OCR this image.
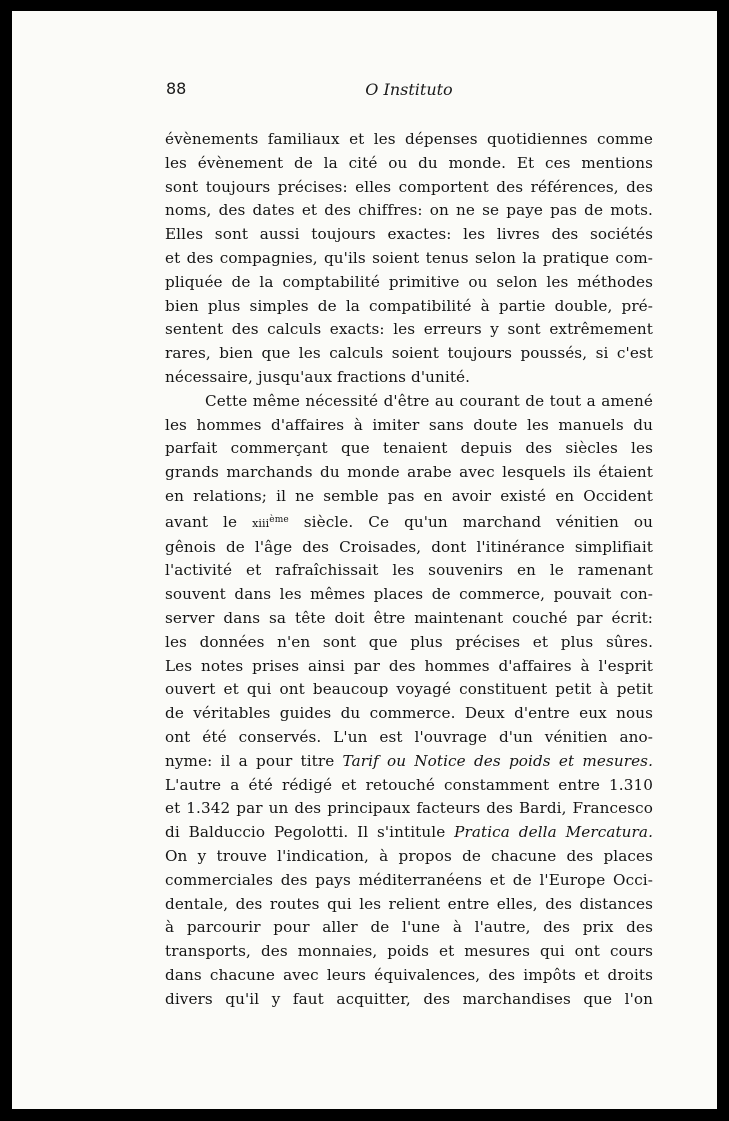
88	O Instituto
évènements familiaux et les dépenses quotidiennes comme
les évènement de la cité ou du monde. Et ces mentions
sont toujours précises: elles comportent des références, des
noms, des dates et des chiffres: on ne se paye pas de mots.
Elles sont aussi toujours exactes: les livres des sociétés
et des compagnies, qu'ils soient tenus selon la pratique com-
pliquée de la comptabilité primitive ou selon les méthodes
bien plus simples de la compatibilité à partie double, pré-
sentent des calculs exacts: les erreurs y sont extrêmement
rares, bien que les calculs soient toujours poussés, si c'est
nécessaire, jusqu'aux fractions d'unité.
Cette même nécessité d'être au courant de tout a amené
les hommes d'affaires à imiter sans doute les manuels du
parfait commerçant que tenaient depuis des siècles les
grands marchands du monde arabe avec lesquels ils étaient
en relations; il ne semble pas en avoir existé en Occident
avant le xiii$^{ème}$ siècle. Ce qu'un marchand vénitien ou
gênois de l'âge des Croisades, dont l'itinérance simplifiait
l'activité et rafraîchissait les souvenirs en le ramenant
souvent dans les mêmes places de commerce, pouvait con-
server dans sa tête doit être maintenant couché par écrit:
les données n'en sont que plus précises et plus sûres.
Les notes prises ainsi par des hommes d'affaires à l'esprit
ouvert et qui ont beaucoup voyagé constituent petit à petit
de véritables guides du commerce. Deux d'entre eux nous
ont été conservés. L'un est l'ouvrage d'un vénitien ano-
nyme: il a pour titre Tarif ou Notice des poids et mesures.
L'autre a été rédigé et retouché constamment entre 1.310
et 1.342 par un des principaux facteurs des Bardi, Francesco
di Balduccio Pegolotti. Il s'intitule Pratica della Mercatura.
On y trouve l'indication, à propos de chacune des places
commerciales des pays méditerranéens et de l'Europe Occi-
dentale, des routes qui les relient entre elles, des distances
à parcourir pour aller de l'une à l'autre, des prix des
transports, des monnaies, poids et mesures qui ont cours
dans chacune avec leurs équivalences, des impôts et droits
divers qu'il y faut acquitter, des marchandises que l'on
